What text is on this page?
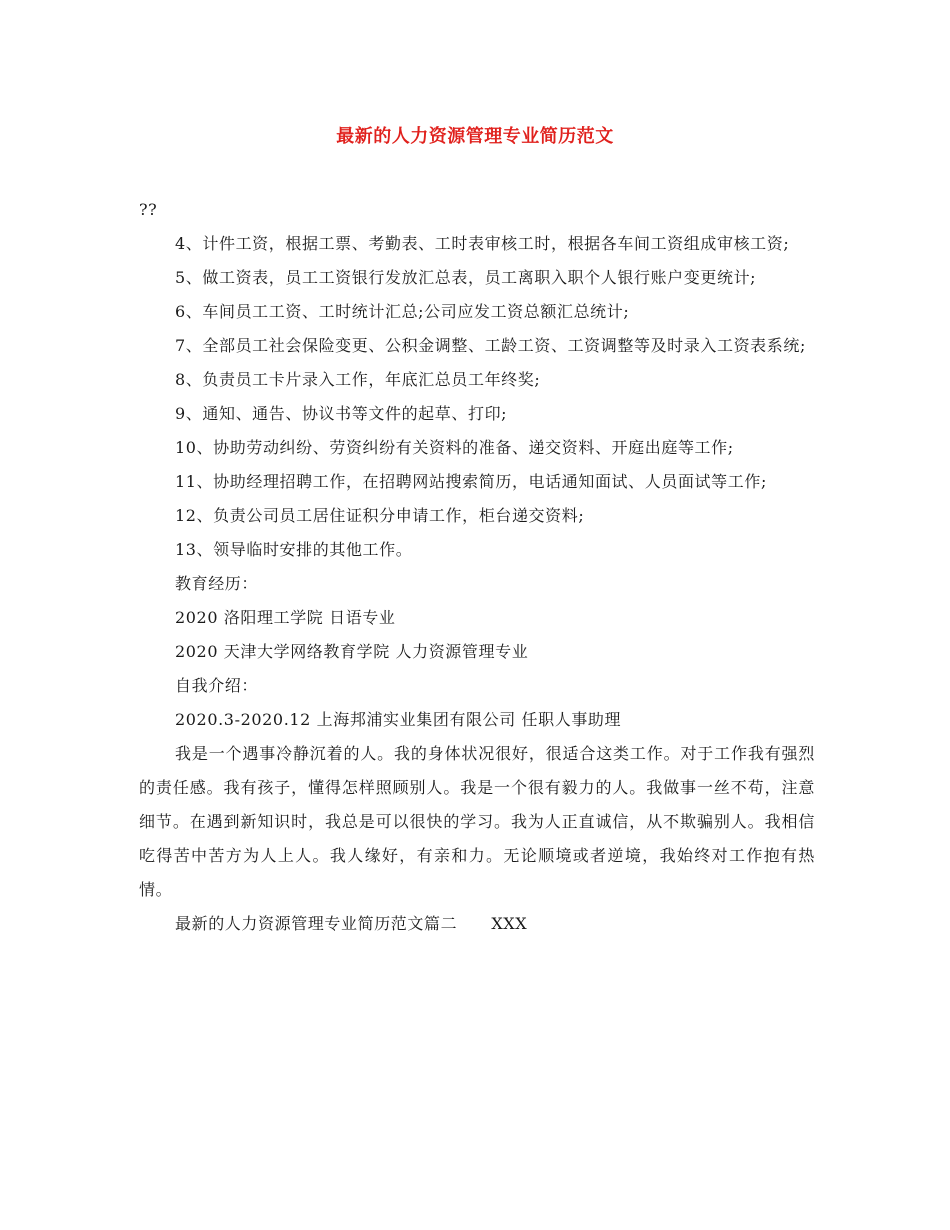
最新的人力资源管理专业简历范文

??

4、计件工资，根据工票、考勤表、工时表审核工时，根据各车间工资组成审核工资;

5、做工资表，员工工资银行发放汇总表，员工离职入职个人银行账户变更统计;

6、车间员工工资、工时统计汇总;公司应发工资总额汇总统计;

7、全部员工社会保险变更、公积金调整、工龄工资、工资调整等及时录入工资表系统;

8、负责员工卡片录入工作，年底汇总员工年终奖;

9、通知、通告、协议书等文件的起草、打印;

10、协助劳动纠纷、劳资纠纷有关资料的准备、递交资料、开庭出庭等工作;

11、协助经理招聘工作，在招聘网站搜索简历，电话通知面试、人员面试等工作;

12、负责公司员工居住证积分申请工作，柜台递交资料;

13、领导临时安排的其他工作。

教育经历：

2020 洛阳理工学院 日语专业

2020 天津大学网络教育学院 人力资源管理专业

自我介绍：

2020.3-2020.12 上海邦浦实业集团有限公司 任职人事助理

我是一个遇事冷静沉着的人。我的身体状况很好，很适合这类工作。对于工作我有强烈的责任感。我有孩子，懂得怎样照顾别人。我是一个很有毅力的人。我做事一丝不苟，注意细节。在遇到新知识时，我总是可以很快的学习。我为人正直诚信，从不欺骗别人。我相信吃得苦中苦方为人上人。我人缘好，有亲和力。无论顺境或者逆境，我始终对工作抱有热情。

最新的人力资源管理专业简历范文篇二      XXX
